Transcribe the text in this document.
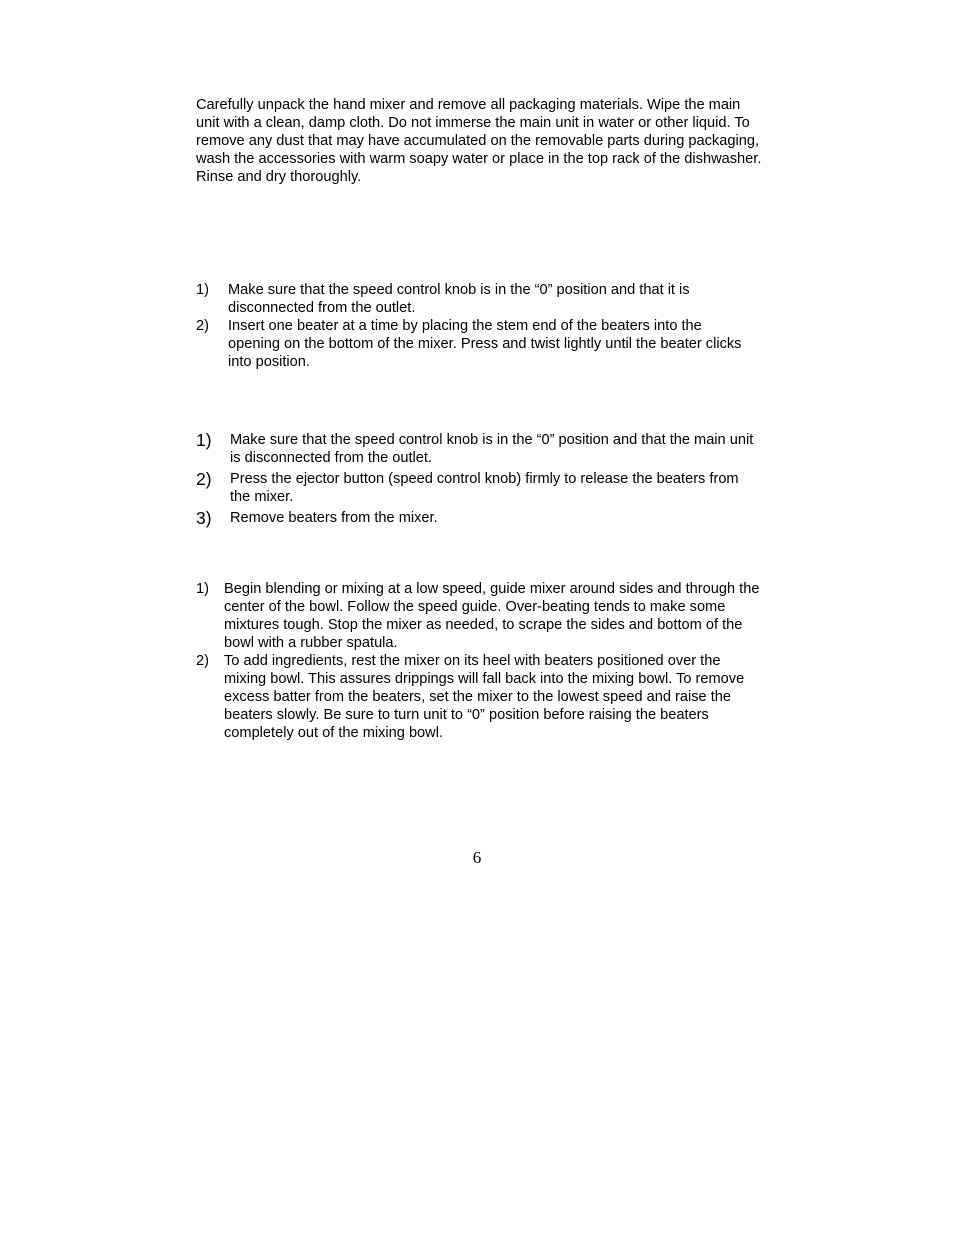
Carefully unpack the hand mixer and remove all packaging materials. Wipe the main unit with a clean, damp cloth. Do not immerse the main unit in water or other liquid. To remove any dust that may have accumulated on the removable parts during packaging, wash the accessories with warm soapy water or place in the top rack of the dishwasher. Rinse and dry thoroughly.

1)	Make sure that the speed control knob is in the “0” position and that it is disconnected from the outlet.
2)	Insert one beater at a time by placing the stem end of the beaters into the opening on the bottom of the mixer. Press and twist lightly until the beater clicks into position.
1)	Make sure that the speed control knob is in the “0” position and that the main unit is disconnected from the outlet.
2)	Press the ejector button (speed control knob) firmly to release the beaters from the mixer.
3)	Remove beaters from the mixer.
1)	Begin blending or mixing at a low speed, guide mixer around sides and through the center of the bowl. Follow the speed guide. Over-beating tends to make some mixtures tough. Stop the mixer as needed, to scrape the sides and bottom of the bowl with a rubber spatula.
2)	To add ingredients, rest the mixer on its heel with beaters positioned over the mixing bowl. This assures drippings will fall back into the mixing bowl. To remove excess batter from the beaters, set the mixer to the lowest speed and raise the beaters slowly. Be sure to turn unit to “0” position before raising the beaters completely out of the mixing bowl.
6
